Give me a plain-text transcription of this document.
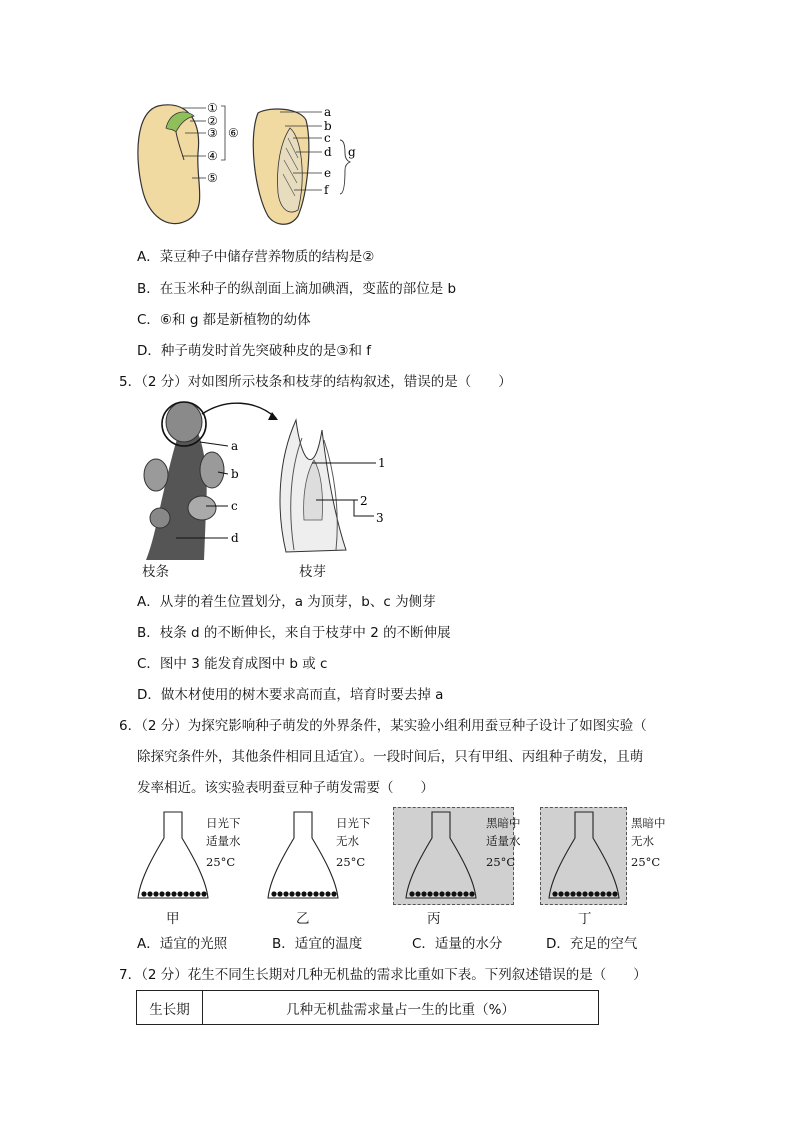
①
②
③
④
⑤
⑥
a
b
c
d
e
f
g
A．菜豆种子中储存营养物质的结构是②
B．在玉米种子的纵剖面上滴加碘酒，变蓝的部位是 b
C．⑥和 g 都是新植物的幼体
D．种子萌发时首先突破种皮的是③和 f
5．（2 分）对如图所示枝条和枝芽的结构叙述，错误的是（　　）
a
b
c
d
1
2
3
枝条	枝芽
A．从芽的着生位置划分，a 为顶芽，b、c 为侧芽
B．枝条 d 的不断伸长，来自于枝芽中 2 的不断伸展
C．图中 3 能发育成图中 b 或 c
D．做木材使用的树木要求高而直，培育时要去掉 a
6．（2 分）为探究影响种子萌发的外界条件，某实验小组利用蚕豆种子设计了如图实验（
除探究条件外，其他条件相同且适宜）。一段时间后，只有甲组、丙组种子萌发，且萌
发率相近。该实验表明蚕豆种子萌发需要（　　）
日光下
适量水
25°C
甲
日光下
无水
25°C
乙
黑暗中
适量水
25°C
丙
黑暗中
无水
25°C
丁
A．适宜的光照	B．适宜的温度	C．适量的水分	D．充足的空气
7．（2 分）花生不同生长期对几种无机盐的需求比重如下表。下列叙述错误的是（　　）
生长期	几种无机盐需求量占一生的比重（%）
